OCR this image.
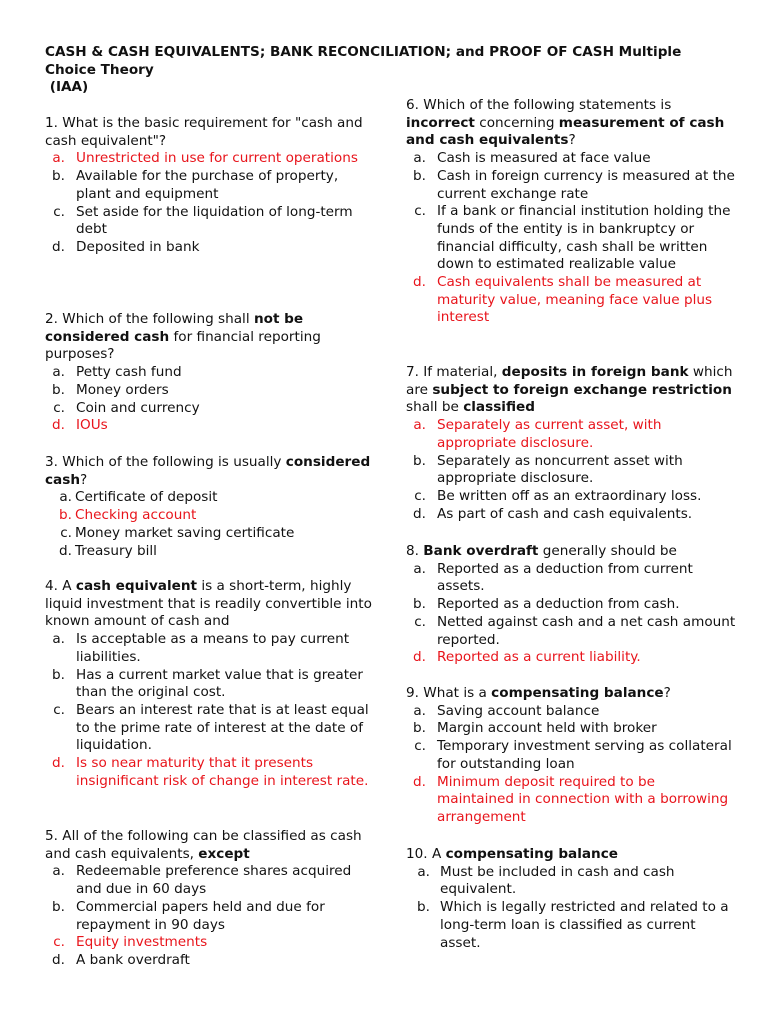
CASH & CASH EQUIVALENTS; BANK RECONCILIATION; and PROOF OF CASH Multiple
Choice Theory
(IAA)

1. What is the basic requirement for "cash and cash equivalent"?

a. Unrestricted in use for current operations
b. Available for the purchase of property, plant and equipment
c. Set aside for the liquidation of long-term debt
d. Deposited in bank

2. Which of the following shall not be considered cash for financial reporting purposes?

a. Petty cash fund
b. Money orders
c. Coin and currency
d. IOUs

3. Which of the following is usually considered cash?

a. Certificate of deposit
b. Checking account
c. Money market saving certificate
d. Treasury bill

4. A cash equivalent is a short-term, highly liquid investment that is readily convertible into known amount of cash and

a. Is acceptable as a means to pay current liabilities.
b. Has a current market value that is greater than the original cost.
c. Bears an interest rate that is at least equal to the prime rate of interest at the date of liquidation.
d. Is so near maturity that it presents insignificant risk of change in interest rate.

5. All of the following can be classified as cash and cash equivalents, except

a. Redeemable preference shares acquired and due in 60 days
b. Commercial papers held and due for repayment in 90 days
c. Equity investments
d. A bank overdraft

6. Which of the following statements is incorrect concerning measurement of cash and cash equivalents?

a. Cash is measured at face value
b. Cash in foreign currency is measured at the current exchange rate
c. If a bank or financial institution holding the funds of the entity is in bankruptcy or financial difficulty, cash shall be written down to estimated realizable value
d. Cash equivalents shall be measured at maturity value, meaning face value plus interest

7. If material, deposits in foreign bank which are subject to foreign exchange restriction shall be classified

a. Separately as current asset, with appropriate disclosure.
b. Separately as noncurrent asset with appropriate disclosure.
c. Be written off as an extraordinary loss.
d. As part of cash and cash equivalents.

8. Bank overdraft generally should be

a. Reported as a deduction from current assets.
b. Reported as a deduction from cash.
c. Netted against cash and a net cash amount reported.
d. Reported as a current liability.

9. What is a compensating balance?

a. Saving account balance
b. Margin account held with broker
c. Temporary investment serving as collateral for outstanding loan
d. Minimum deposit required to be maintained in connection with a borrowing arrangement

10. A compensating balance

a. Must be included in cash and cash equivalent.
b. Which is legally restricted and related to a long-term loan is classified as current asset.
